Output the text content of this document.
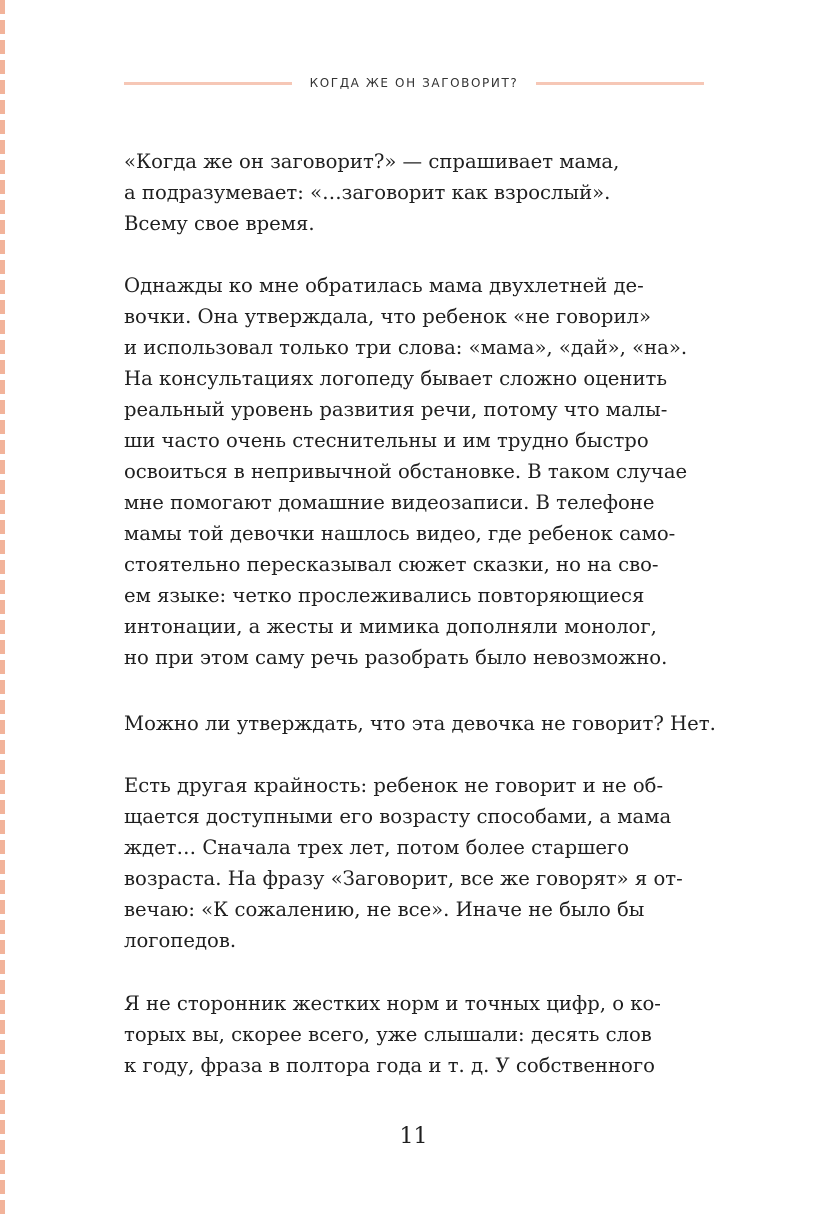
КОГДА ЖЕ ОН ЗАГОВОРИТ?
«Когда же он заговорит?» — спрашивает мама,
а подразумевает: «…заговорит как взрослый».
Всему свое время.
Однажды ко мне обратилась мама двухлетней де-
вочки. Она утверждала, что ребенок «не говорил»
и использовал только три слова: «мама», «дай», «на».
На консультациях логопеду бывает сложно оценить
реальный уровень развития речи, потому что малы-
ши часто очень стеснительны и им трудно быстро
освоиться в непривычной обстановке. В таком случае
мне помогают домашние видеозаписи. В телефоне
мамы той девочки нашлось видео, где ребенок само-
стоятельно пересказывал сюжет сказки, но на сво-
ем языке: четко прослеживались повторяющиеся
интонации, а жесты и мимика дополняли монолог,
но при этом саму речь разобрать было невозможно.
Можно ли утверждать, что эта девочка не говорит? Нет.
Есть другая крайность: ребенок не говорит и не об-
щается доступными его возрасту способами, а мама
ждет… Сначала трех лет, потом более старшего
возраста. На фразу «Заговорит, все же говорят» я от-
вечаю: «К сожалению, не все». Иначе не было бы
логопедов.
Я не сторонник жестких норм и точных цифр, о ко-
торых вы, скорее всего, уже слышали: десять слов
к году, фраза в полтора года и т. д. У собственного
11
